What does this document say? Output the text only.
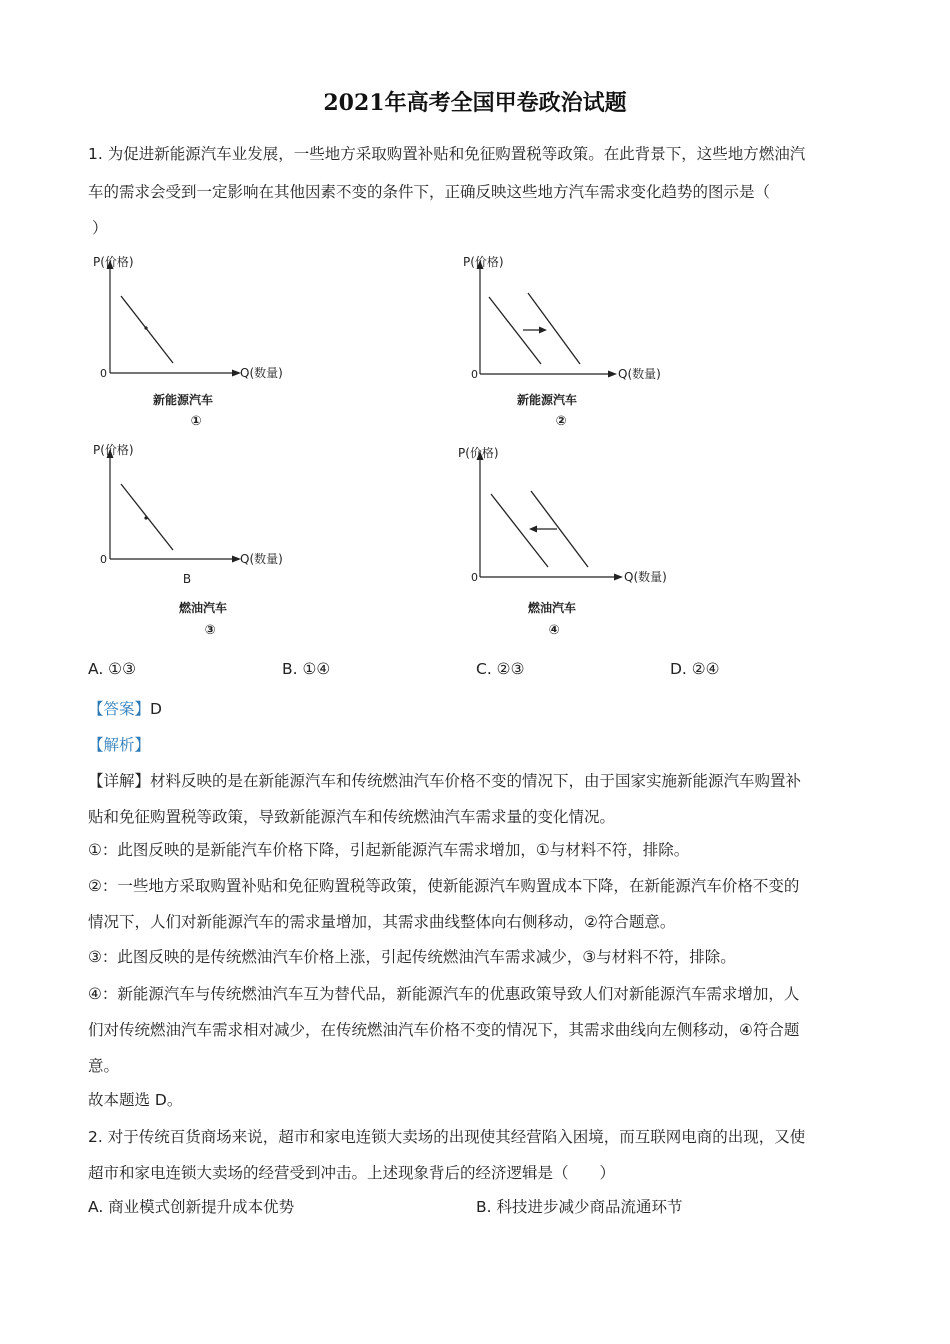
2021年高考全国甲卷政治试题
1. 为促进新能源汽车业发展，一些地方采取购置补贴和免征购置税等政策。在此背景下，这些地方燃油汽
车的需求会受到一定影响在其他因素不变的条件下，正确反映这些地方汽车需求变化趋势的图示是（
）
P(价格)
Q(数量)
0
新能源汽车
①
P(价格)
Q(数量)
0
新能源汽车
②
P(价格)
Q(数量)
0
B
燃油汽车
③
P(价格)
Q(数量)
0
燃油汽车
④
A. ①③	B. ①④	C. ②③	D. ②④
【答案】D
【解析】
【详解】材料反映的是在新能源汽车和传统燃油汽车价格不变的情况下，由于国家实施新能源汽车购置补
贴和免征购置税等政策，导致新能源汽车和传统燃油汽车需求量的变化情况。
①：此图反映的是新能汽车价格下降，引起新能源汽车需求增加，①与材料不符，排除。
②：一些地方采取购置补贴和免征购置税等政策，使新能源汽车购置成本下降，在新能源汽车价格不变的
情况下，人们对新能源汽车的需求量增加，其需求曲线整体向右侧移动，②符合题意。
③：此图反映的是传统燃油汽车价格上涨，引起传统燃油汽车需求减少，③与材料不符，排除。
④：新能源汽车与传统燃油汽车互为替代品，新能源汽车的优惠政策导致人们对新能源汽车需求增加，人
们对传统燃油汽车需求相对减少，在传统燃油汽车价格不变的情况下，其需求曲线向左侧移动，④符合题
意。
故本题选 D。
2. 对于传统百货商场来说，超市和家电连锁大卖场的出现使其经营陷入困境，而互联网电商的出现，又使
超市和家电连锁大卖场的经营受到冲击。上述现象背后的经济逻辑是（　　）
A. 商业模式创新提升成本优势	B. 科技进步减少商品流通环节
